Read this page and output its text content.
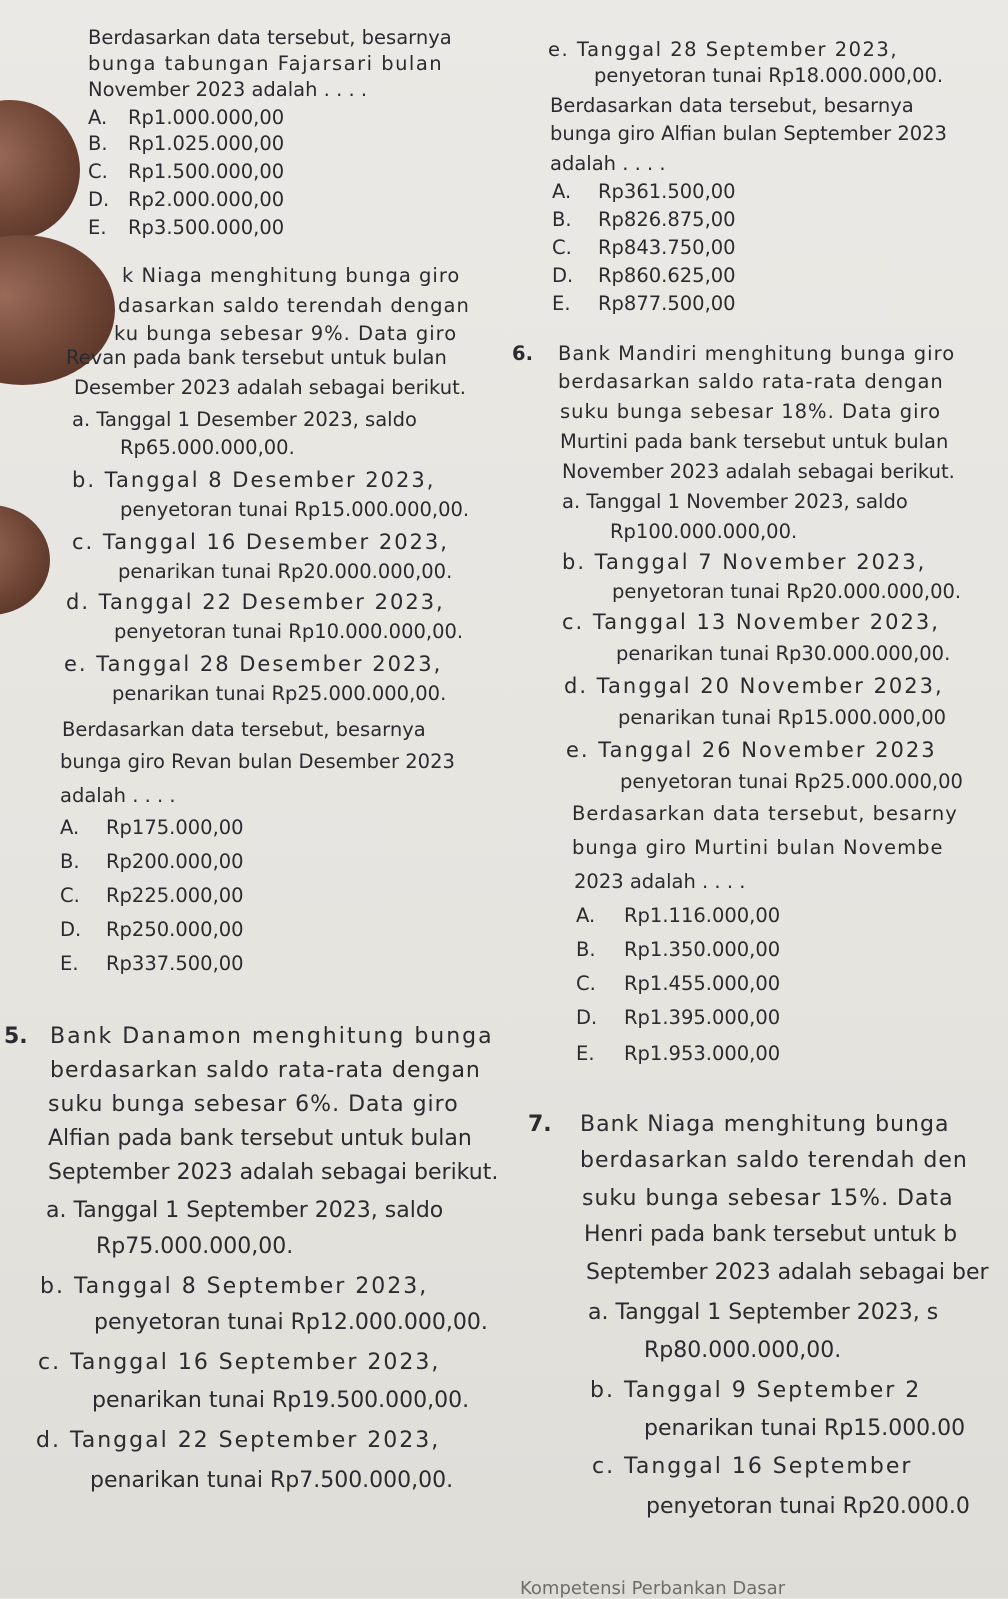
Berdasarkan data tersebut, besarnya
bunga tabungan Fajarsari bulan
November 2023 adalah . . . .
A. Rp1.000.000,00
B. Rp1.025.000,00
C. Rp1.500.000,00
D. Rp2.000.000,00
E. Rp3.500.000,00
k Niaga menghitung bunga giro
dasarkan saldo terendah dengan
ku bunga sebesar 9%. Data giro
Revan pada bank tersebut untuk bulan
Desember 2023 adalah sebagai berikut.
a. Tanggal 1 Desember 2023, saldo
Rp65.000.000,00.
b. Tanggal 8 Desember 2023,
penyetoran tunai Rp15.000.000,00.
c. Tanggal 16 Desember 2023,
penarikan tunai Rp20.000.000,00.
d. Tanggal 22 Desember 2023,
penyetoran tunai Rp10.000.000,00.
e. Tanggal 28 Desember 2023,
penarikan tunai Rp25.000.000,00.
Berdasarkan data tersebut, besarnya
bunga giro Revan bulan Desember 2023
adalah . . . .
A. Rp175.000,00
B. Rp200.000,00
C. Rp225.000,00
D. Rp250.000,00
E. Rp337.500,00
5. Bank Danamon menghitung bunga
berdasarkan saldo rata-rata dengan
suku bunga sebesar 6%. Data giro
Alfian pada bank tersebut untuk bulan
September 2023 adalah sebagai berikut.
a. Tanggal 1 September 2023, saldo
Rp75.000.000,00.
b. Tanggal 8 September 2023,
penyetoran tunai Rp12.000.000,00.
c. Tanggal 16 September 2023,
penarikan tunai Rp19.500.000,00.
d. Tanggal 22 September 2023,
penarikan tunai Rp7.500.000,00.
e. Tanggal 28 September 2023,
penyetoran tunai Rp18.000.000,00.
Berdasarkan data tersebut, besarnya
bunga giro Alfian bulan September 2023
adalah . . . .
A. Rp361.500,00
B. Rp826.875,00
C. Rp843.750,00
D. Rp860.625,00
E. Rp877.500,00
6. Bank Mandiri menghitung bunga giro
berdasarkan saldo rata-rata dengan
suku bunga sebesar 18%. Data giro
Murtini pada bank tersebut untuk bulan
November 2023 adalah sebagai berikut.
a. Tanggal 1 November 2023, saldo
Rp100.000.000,00.
b. Tanggal 7 November 2023,
penyetoran tunai Rp20.000.000,00.
c. Tanggal 13 November 2023,
penarikan tunai Rp30.000.000,00.
d. Tanggal 20 November 2023,
penarikan tunai Rp15.000.000,00
e. Tanggal 26 November 2023
penyetoran tunai Rp25.000.000,00
Berdasarkan data tersebut, besarny
bunga giro Murtini bulan Novembe
2023 adalah . . . .
A. Rp1.116.000,00
B. Rp1.350.000,00
C. Rp1.455.000,00
D. Rp1.395.000,00
E. Rp1.953.000,00
7. Bank Niaga menghitung bunga
berdasarkan saldo terendah den
suku bunga sebesar 15%. Data
Henri pada bank tersebut untuk b
September 2023 adalah sebagai ber
a. Tanggal 1 September 2023, s
Rp80.000.000,00.
b. Tanggal 9 September 2
penarikan tunai Rp15.000.00
c. Tanggal 16 September
penyetoran tunai Rp20.000.0
Kompetensi Perbankan Dasar
